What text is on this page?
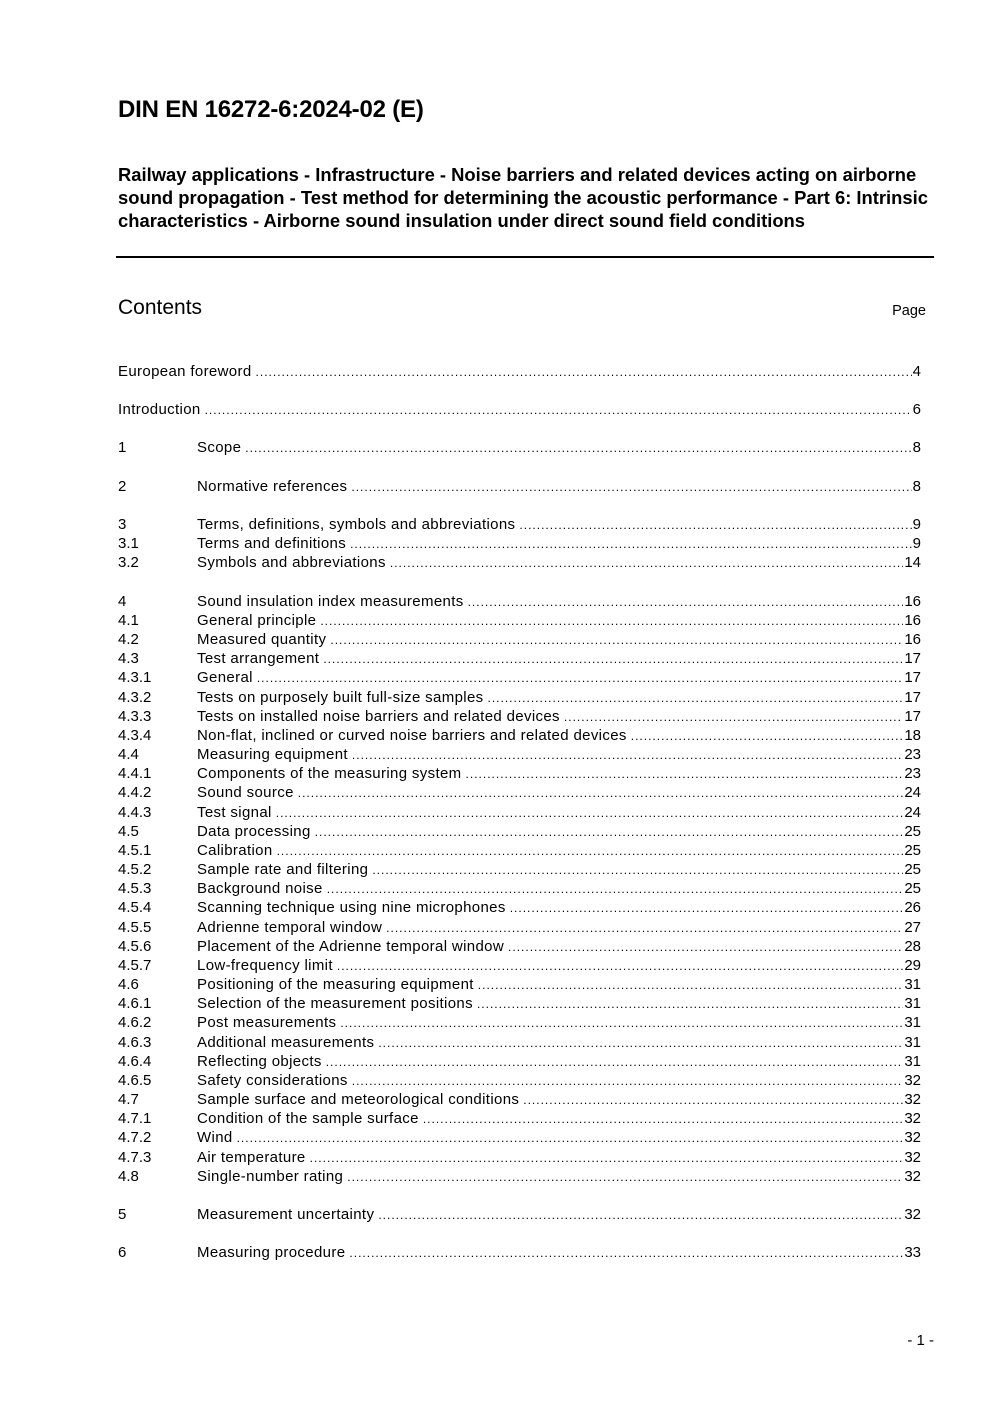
DIN EN 16272-6:2024-02 (E)
Railway applications - Infrastructure - Noise barriers and related devices acting on airborne sound propagation - Test method for determining the acoustic performance - Part 6: Intrinsic characteristics - Airborne sound insulation under direct sound field conditions
Contents	Page
European foreword .....	4
Introduction .....	6
1	Scope .....	8
2	Normative references .....	8
3	Terms, definitions, symbols and abbreviations .....	9
3.1	Terms and definitions .....	9
3.2	Symbols and abbreviations .....	14
4	Sound insulation index measurements .....	16
4.1	General principle .....	16
4.2	Measured quantity .....	16
4.3	Test arrangement .....	17
4.3.1	General .....	17
4.3.2	Tests on purposely built full-size samples .....	17
4.3.3	Tests on installed noise barriers and related devices .....	17
4.3.4	Non-flat, inclined or curved noise barriers and related devices .....	18
4.4	Measuring equipment .....	23
4.4.1	Components of the measuring system .....	23
4.4.2	Sound source .....	24
4.4.3	Test signal .....	24
4.5	Data processing .....	25
4.5.1	Calibration .....	25
4.5.2	Sample rate and filtering .....	25
4.5.3	Background noise .....	25
4.5.4	Scanning technique using nine microphones .....	26
4.5.5	Adrienne temporal window .....	27
4.5.6	Placement of the Adrienne temporal window .....	28
4.5.7	Low-frequency limit .....	29
4.6	Positioning of the measuring equipment .....	31
4.6.1	Selection of the measurement positions .....	31
4.6.2	Post measurements .....	31
4.6.3	Additional measurements .....	31
4.6.4	Reflecting objects .....	31
4.6.5	Safety considerations .....	32
4.7	Sample surface and meteorological conditions .....	32
4.7.1	Condition of the sample surface .....	32
4.7.2	Wind .....	32
4.7.3	Air temperature .....	32
4.8	Single-number rating .....	32
5	Measurement uncertainty .....	32
6	Measuring procedure .....	33
- 1 -
